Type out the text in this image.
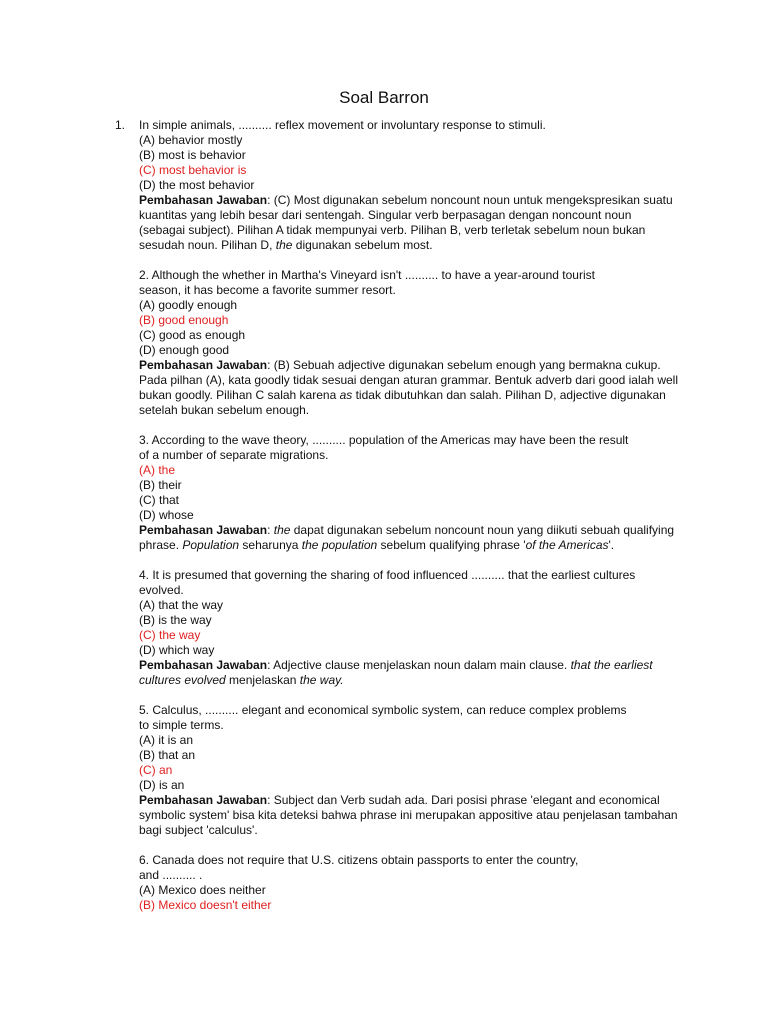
Soal Barron
1. In simple animals, .......... reflex movement or involuntary response to stimuli.
(A) behavior mostly
(B) most is behavior
(C) most behavior is
(D) the most behavior
Pembahasan Jawaban: (C) Most digunakan sebelum noncount noun untuk mengekspresikan suatu kuantitas yang lebih besar dari sentengah. Singular verb berpasagan dengan noncount noun (sebagai subject). Pilihan A tidak mempunyai verb. Pilihan B, verb terletak sebelum noun bukan sesudah noun. Pilihan D, the digunakan sebelum most.
2. Although the whether in Martha's Vineyard isn't .......... to have a year-around tourist
season, it has become a favorite summer resort.
(A) goodly enough
(B) good enough
(C) good as enough
(D) enough good
Pembahasan Jawaban: (B) Sebuah adjective digunakan sebelum enough yang bermakna cukup. Pada pilhan (A), kata goodly tidak sesuai dengan aturan grammar. Bentuk adverb dari good ialah well bukan goodly. Pilihan C salah karena as tidak dibutuhkan dan salah. Pilihan D, adjective digunakan setelah bukan sebelum enough.
3. According to the wave theory, .......... population of the Americas may have been the result
of a number of separate migrations.
(A) the
(B) their
(C) that
(D) whose
Pembahasan Jawaban: the dapat digunakan sebelum noncount noun yang diikuti sebuah qualifying phrase. Population seharunya the population sebelum qualifying phrase 'of the Americas'.
4. It is presumed that governing the sharing of food influenced .......... that the earliest cultures
evolved.
(A) that the way
(B) is the way
(C) the way
(D) which way
Pembahasan Jawaban: Adjective clause menjelaskan noun dalam main clause. that the earliest cultures evolved menjelaskan the way.
5. Calculus, .......... elegant and economical symbolic system, can reduce complex problems
to simple terms.
(A) it is an
(B) that an
(C) an
(D) is an
Pembahasan Jawaban: Subject dan Verb sudah ada. Dari posisi phrase 'elegant and economical symbolic system' bisa kita deteksi bahwa phrase ini merupakan appositive atau penjelasan tambahan bagi subject 'calculus'.
6. Canada does not require that U.S. citizens obtain passports to enter the country,
and .......... .
(A) Mexico does neither
(B) Mexico doesn't either
